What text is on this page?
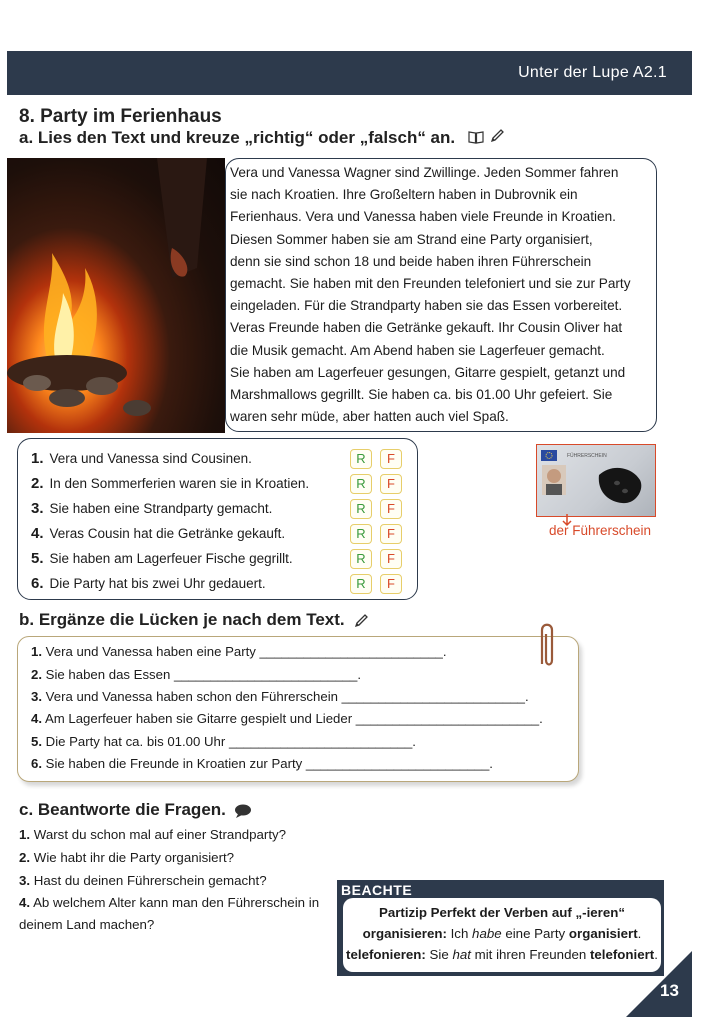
Unter der Lupe A2.1
8. Party im Ferienhaus
a. Lies den Text und kreuze „richtig“ oder „falsch“ an.
Vera und Vanessa Wagner sind Zwillinge. Jeden Sommer fahren
sie nach Kroatien. Ihre Großeltern haben in Dubrovnik ein
Ferienhaus. Vera und Vanessa haben viele Freunde in Kroatien.
Diesen Sommer haben sie am Strand eine Party organisiert,
denn sie sind schon 18 und beide haben ihren Führerschein
gemacht. Sie haben mit den Freunden telefoniert und sie zur Party
eingeladen. Für die Strandparty haben sie das Essen vorbereitet.
Veras Freunde haben die Getränke gekauft. Ihr Cousin Oliver hat
die Musik gemacht. Am Abend haben sie Lagerfeuer gemacht.
Sie haben am Lagerfeuer gesungen, Gitarre gespielt, getanzt und
Marshmallows gegrillt. Sie haben ca. bis 01.00 Uhr gefeiert. Sie
waren sehr müde, aber hatten auch viel Spaß.
1. Vera und Vanessa sind Cousinen.	R	F
2. In den Sommerferien waren sie in Kroatien.	R	F
3. Sie haben eine Strandparty gemacht.	R	F
4. Veras Cousin hat die Getränke gekauft.	R	F
5. Sie haben am Lagerfeuer Fische gegrillt.	R	F
6. Die Party hat bis zwei Uhr gedauert.	R	F
FÜHRERSCHEIN
der Führerschein
b. Ergänze die Lücken je nach dem Text.
1. Vera und Vanessa haben eine Party _________________________.
2. Sie haben das Essen _________________________.
3. Vera und Vanessa haben schon den Führerschein _________________________.
4. Am Lagerfeuer haben sie Gitarre gespielt und Lieder _________________________.
5. Die Party hat ca. bis 01.00 Uhr _________________________.
6. Sie haben die Freunde in Kroatien zur Party _________________________.
c. Beantworte die Fragen.
1. Warst du schon mal auf einer Strandparty?
2. Wie habt ihr die Party organisiert?
3. Hast du deinen Führerschein gemacht?
4. Ab welchem Alter kann man den Führerschein in deinem Land machen?
BEACHTE
Partizip Perfekt der Verben auf „-ieren“
organisieren: Ich habe eine Party organisiert.
telefonieren: Sie hat mit ihren Freunden telefoniert.
13
